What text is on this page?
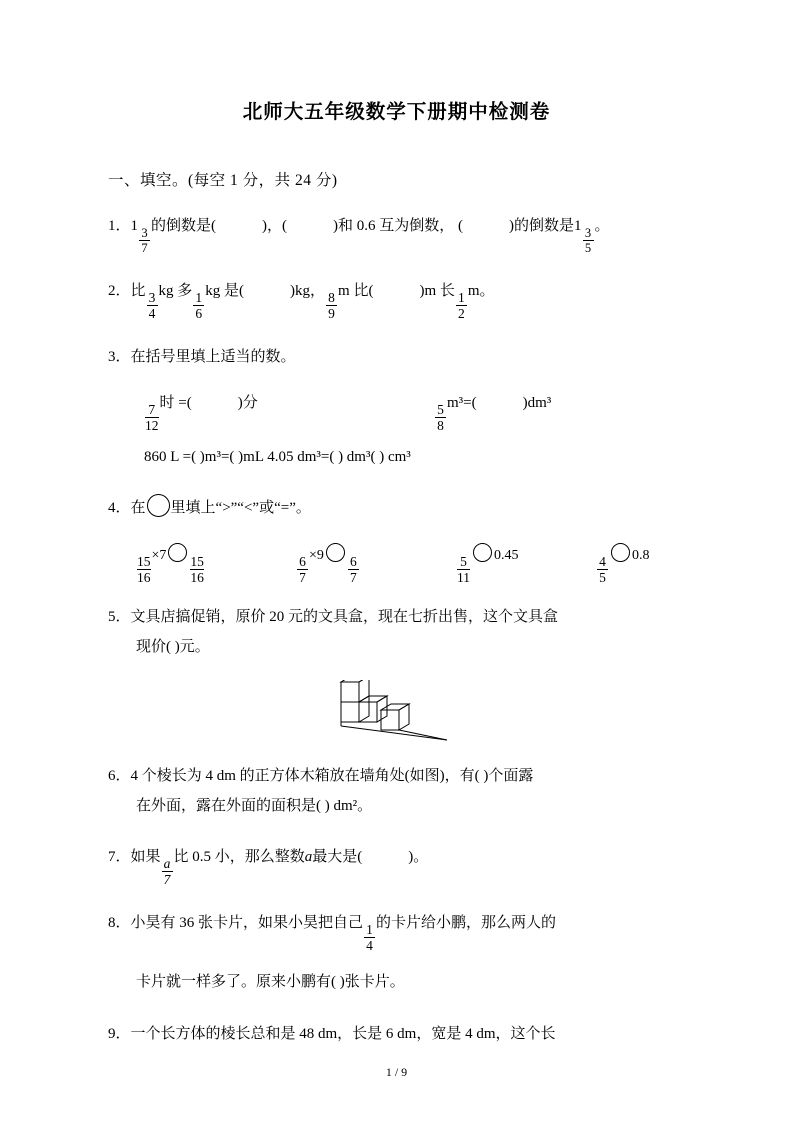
北师大五年级数学下册期中检测卷
一、填空。(每空 1 分，共 24 分)
1．$1 \frac{3}{7}$ 的倒数是(	)，(	)和 0.6 互为倒数， (	)的倒数是$1 \frac{3}{5}$ 。
2．比 $\frac{3}{4}$ kg 多 $\frac{1}{6}$ kg 是(	)kg， $\frac{8}{9}$ m 比(	)m 长 $\frac{1}{2}$ m。
3．在括号里填上适当的数。
$\frac{7}{12}$ 时 =(	)分	$\frac{5}{8} m^3=$(	)dm³
860 L =( )m³=( )mL 4.05 dm³=( ) dm³( ) cm³
4．在 里填上“>”“<”或“=”。
$\frac{15}{16} \times 7 \frac{15}{16}$	$\frac{6}{7} \times 9 \frac{6}{7}$	$\frac{5}{11} 0.45$	$\frac{4}{5} 0.8$
5．文具店搞促销，原价 20 元的文具盒，现在七折出售，这个文具盒
现价( )元。
6．4 个棱长为 4 dm 的正方体木箱放在墙角处(如图)，有( )个面露
在外面，露在外面的面积是( ) dm²。
7．如果 $\frac{a}{7}$ 比 0.5 小，那么整数a最大是(	)。
8．小昊有 36 张卡片，如果小昊把自己 $\frac{1}{4}$ 的卡片给小鹏，那么两人的
卡片就一样多了。原来小鹏有( )张卡片。
9．一个长方体的棱长总和是 48 dm，长是 6 dm，宽是 4 dm，这个长
1 / 9
